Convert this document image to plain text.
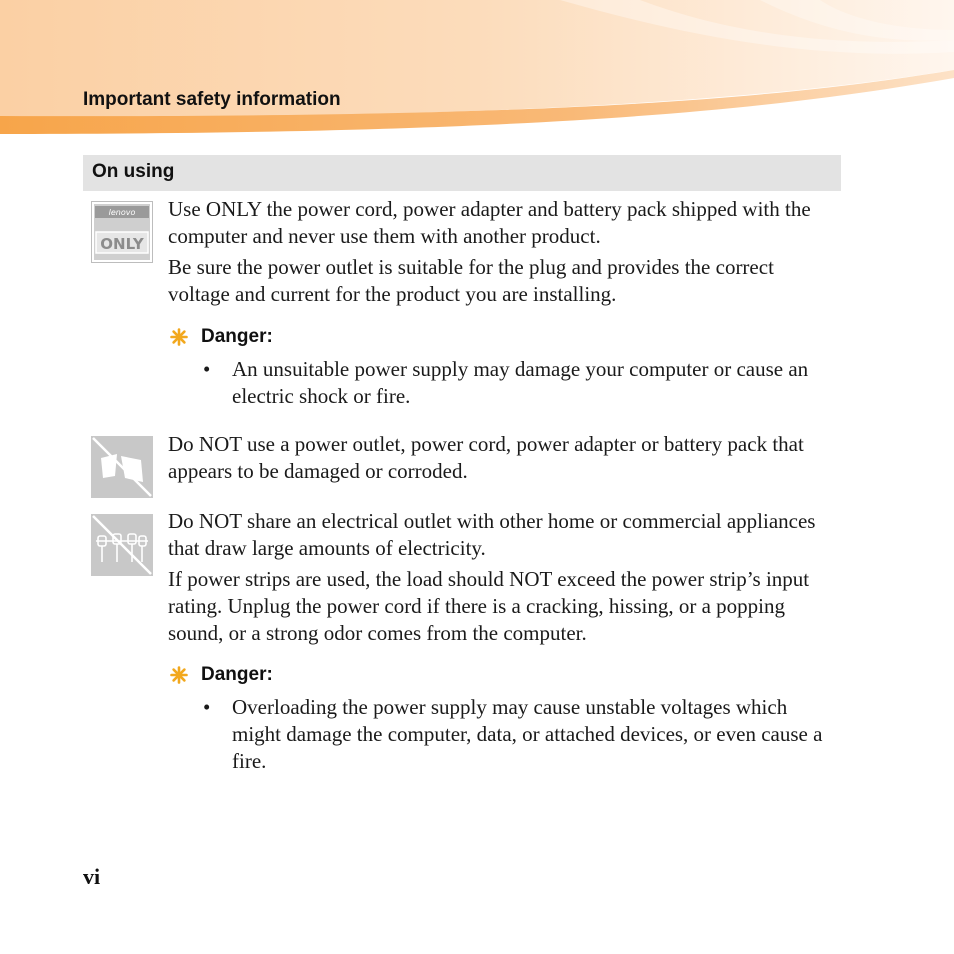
Important safety information
On using
lenovo
ONLY

Use ONLY the power cord, power adapter and battery pack shipped with the computer and never use them with another product.

Be sure the power outlet is suitable for the plug and provides the correct voltage and current for the product you are installing.

Danger:
•	An unsuitable power supply may damage your computer or cause an electric shock or fire.

Do NOT use a power outlet, power cord, power adapter or battery pack that appears to be damaged or corroded.

Do NOT share an electrical outlet with other home or commercial appliances that draw large amounts of electricity.

If power strips are used, the load should NOT exceed the power strip’s input rating. Unplug the power cord if there is a cracking, hissing, or a popping sound, or a strong odor comes from the computer.

Danger:
•	Overloading the power supply may cause unstable voltages which might damage the computer, data, or attached devices, or even cause a fire.
vi
